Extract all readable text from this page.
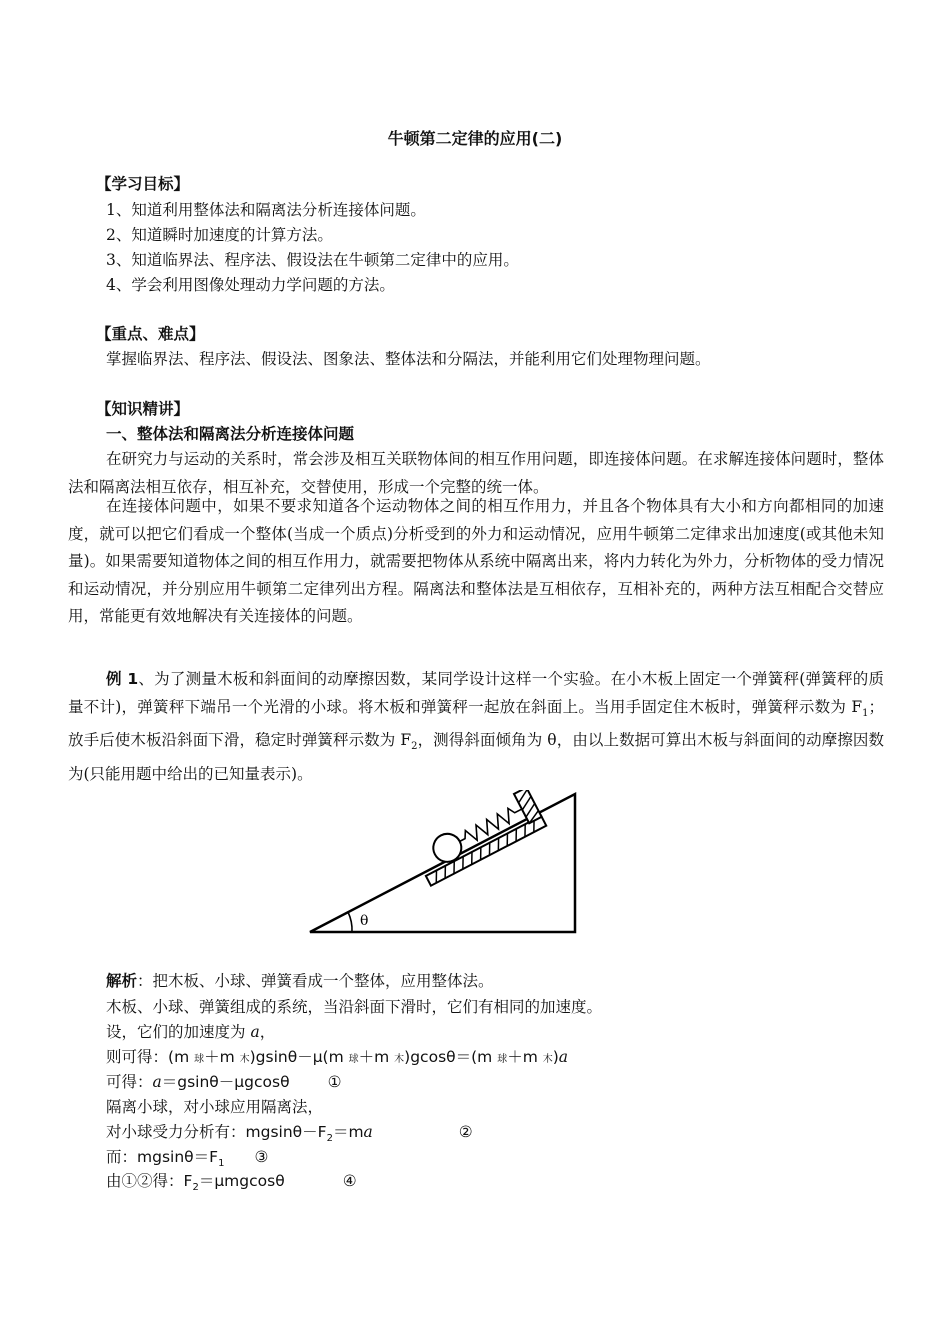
牛顿第二定律的应用(二)
【学习目标】
1、知道利用整体法和隔离法分析连接体问题。
2、知道瞬时加速度的计算方法。
3、知道临界法、程序法、假设法在牛顿第二定律中的应用。
4、学会利用图像处理动力学问题的方法。
【重点、难点】
掌握临界法、程序法、假设法、图象法、整体法和分隔法，并能利用它们处理物理问题。
【知识精讲】
一、整体法和隔离法分析连接体问题
在研究力与运动的关系时，常会涉及相互关联物体间的相互作用问题，即连接体问题。在求解连接体问题时，整体法和隔离法相互依存，相互补充，交替使用，形成一个完整的统一体。
在连接体问题中，如果不要求知道各个运动物体之间的相互作用力，并且各个物体具有大小和方向都相同的加速度，就可以把它们看成一个整体(当成一个质点)分析受到的外力和运动情况，应用牛顿第二定律求出加速度(或其他未知量)。如果需要知道物体之间的相互作用力，就需要把物体从系统中隔离出来，将内力转化为外力，分析物体的受力情况和运动情况，并分别应用牛顿第二定律列出方程。隔离法和整体法是互相依存，互相补充的，两种方法互相配合交替应用，常能更有效地解决有关连接体的问题。
例 1、为了测量木板和斜面间的动摩擦因数，某同学设计这样一个实验。在小木板上固定一个弹簧秤(弹簧秤的质量不计)，弹簧秤下端吊一个光滑的小球。将木板和弹簧秤一起放在斜面上。当用手固定住木板时，弹簧秤示数为 $F_1$；放手后使木板沿斜面下滑，稳定时弹簧秤示数为 $F_2$，测得斜面倾角为 θ，由以上数据可算出木板与斜面间的动摩擦因数为(只能用题中给出的已知量表示)。
θ
解析：把木板、小球、弹簧看成一个整体，应用整体法。
木板、小球、弹簧组成的系统，当沿斜面下滑时，它们有相同的加速度。
设，它们的加速度为 a，
则可得：(m 球＋m 木)gsinθ－μ(m 球＋m 木)gcosθ＝(m 球＋m 木)a
可得：a＝gsinθ－μgcosθ ①
隔离小球，对小球应用隔离法，
对小球受力分析有：$mgsin\theta-F_2=ma$	②
而：$mgsin\theta=F_1$ ③
由①②得：$F_2=\mu mgcos\theta$	④
